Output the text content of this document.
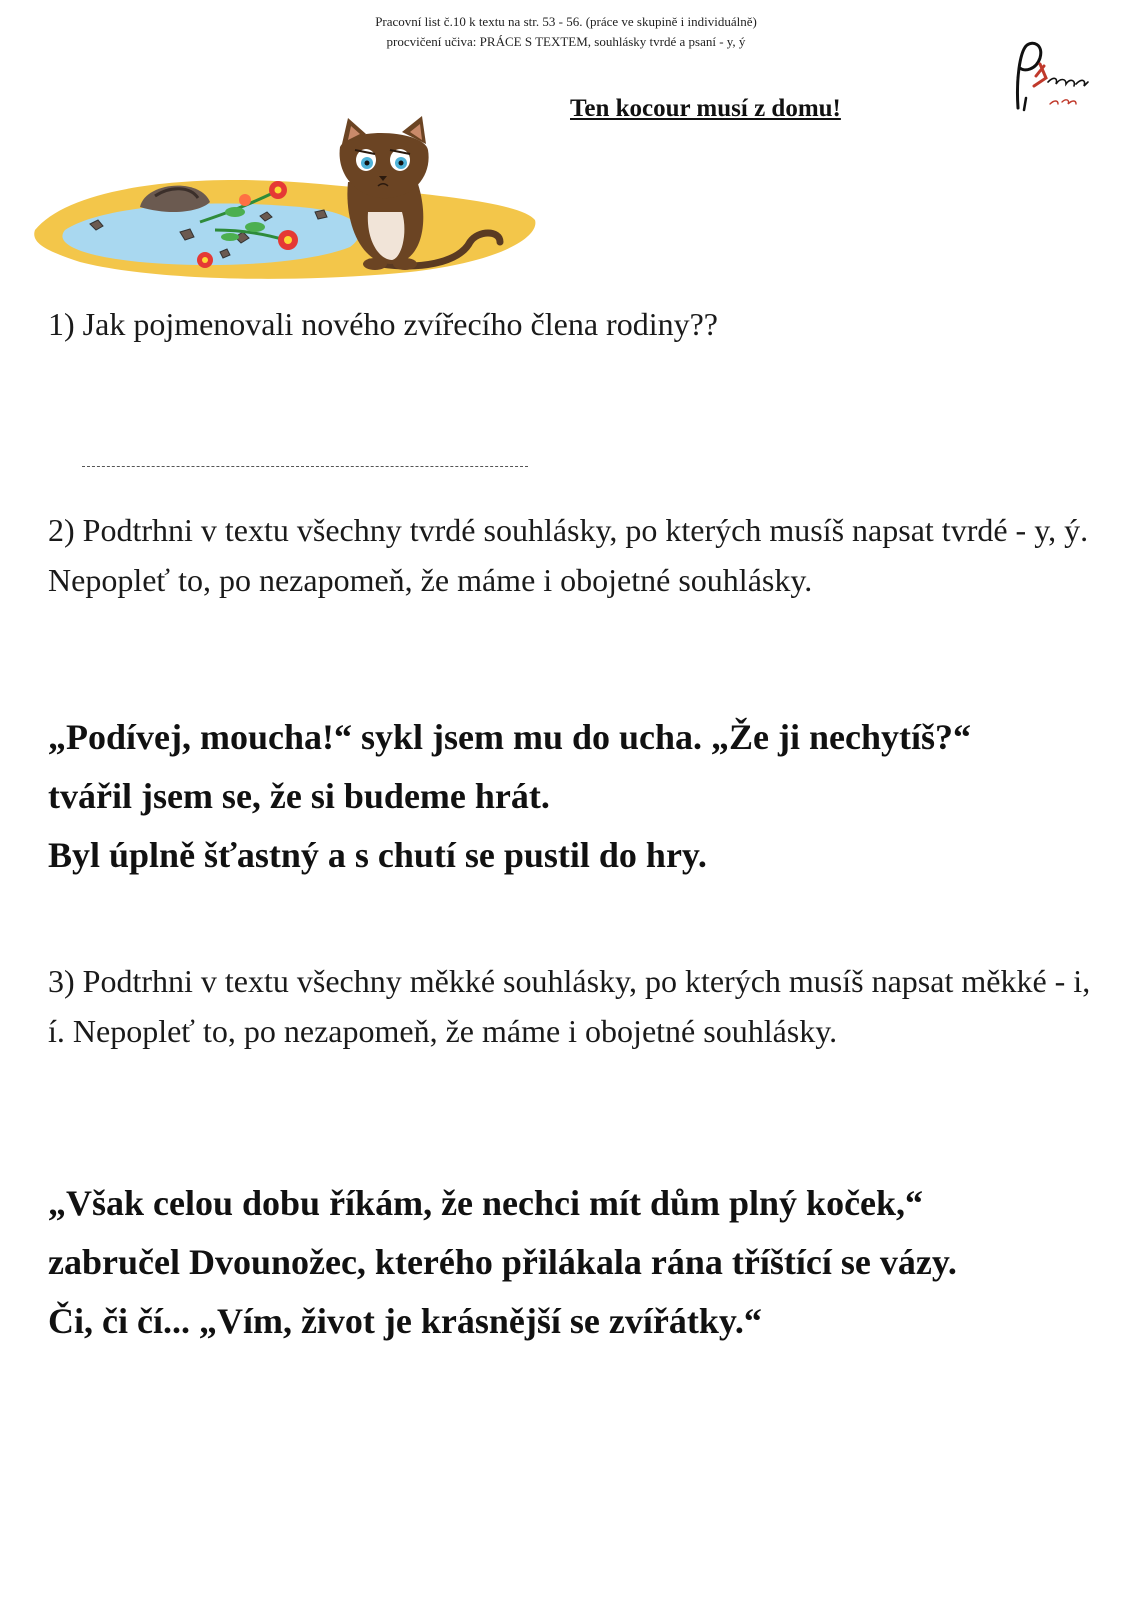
Pracovní list č.10 k textu na str. 53 - 56. (práce ve skupině i individuálně)
procvičení učiva: PRÁCE S TEXTEM, souhlásky tvrdé a psaní - y, ý
Ten kocour musí z domu!
1) Jak pojmenovali nového zvířecího člena rodiny??
2) Podtrhni v textu všechny tvrdé souhlásky, po kterých musíš napsat tvrdé - y, ý. Nepopleť to, po nezapomeň, že máme i obojetné souhlásky.
„Podívej, moucha!“ sykl jsem mu do ucha. „Že ji nechytíš?“
tvářil jsem se, že si budeme hrát.
Byl úplně šťastný a s chutí se pustil do hry.
3) Podtrhni v textu všechny měkké souhlásky, po kterých musíš napsat měkké - i, í. Nepopleť to, po nezapomeň, že máme i obojetné souhlásky.
„Však celou dobu říkám, že nechci mít dům plný koček,“
zabručel Dvounožec, kterého přilákala rána tříštící se vázy.
Či, či čí... „Vím, život je krásnější se zvířátky.“
